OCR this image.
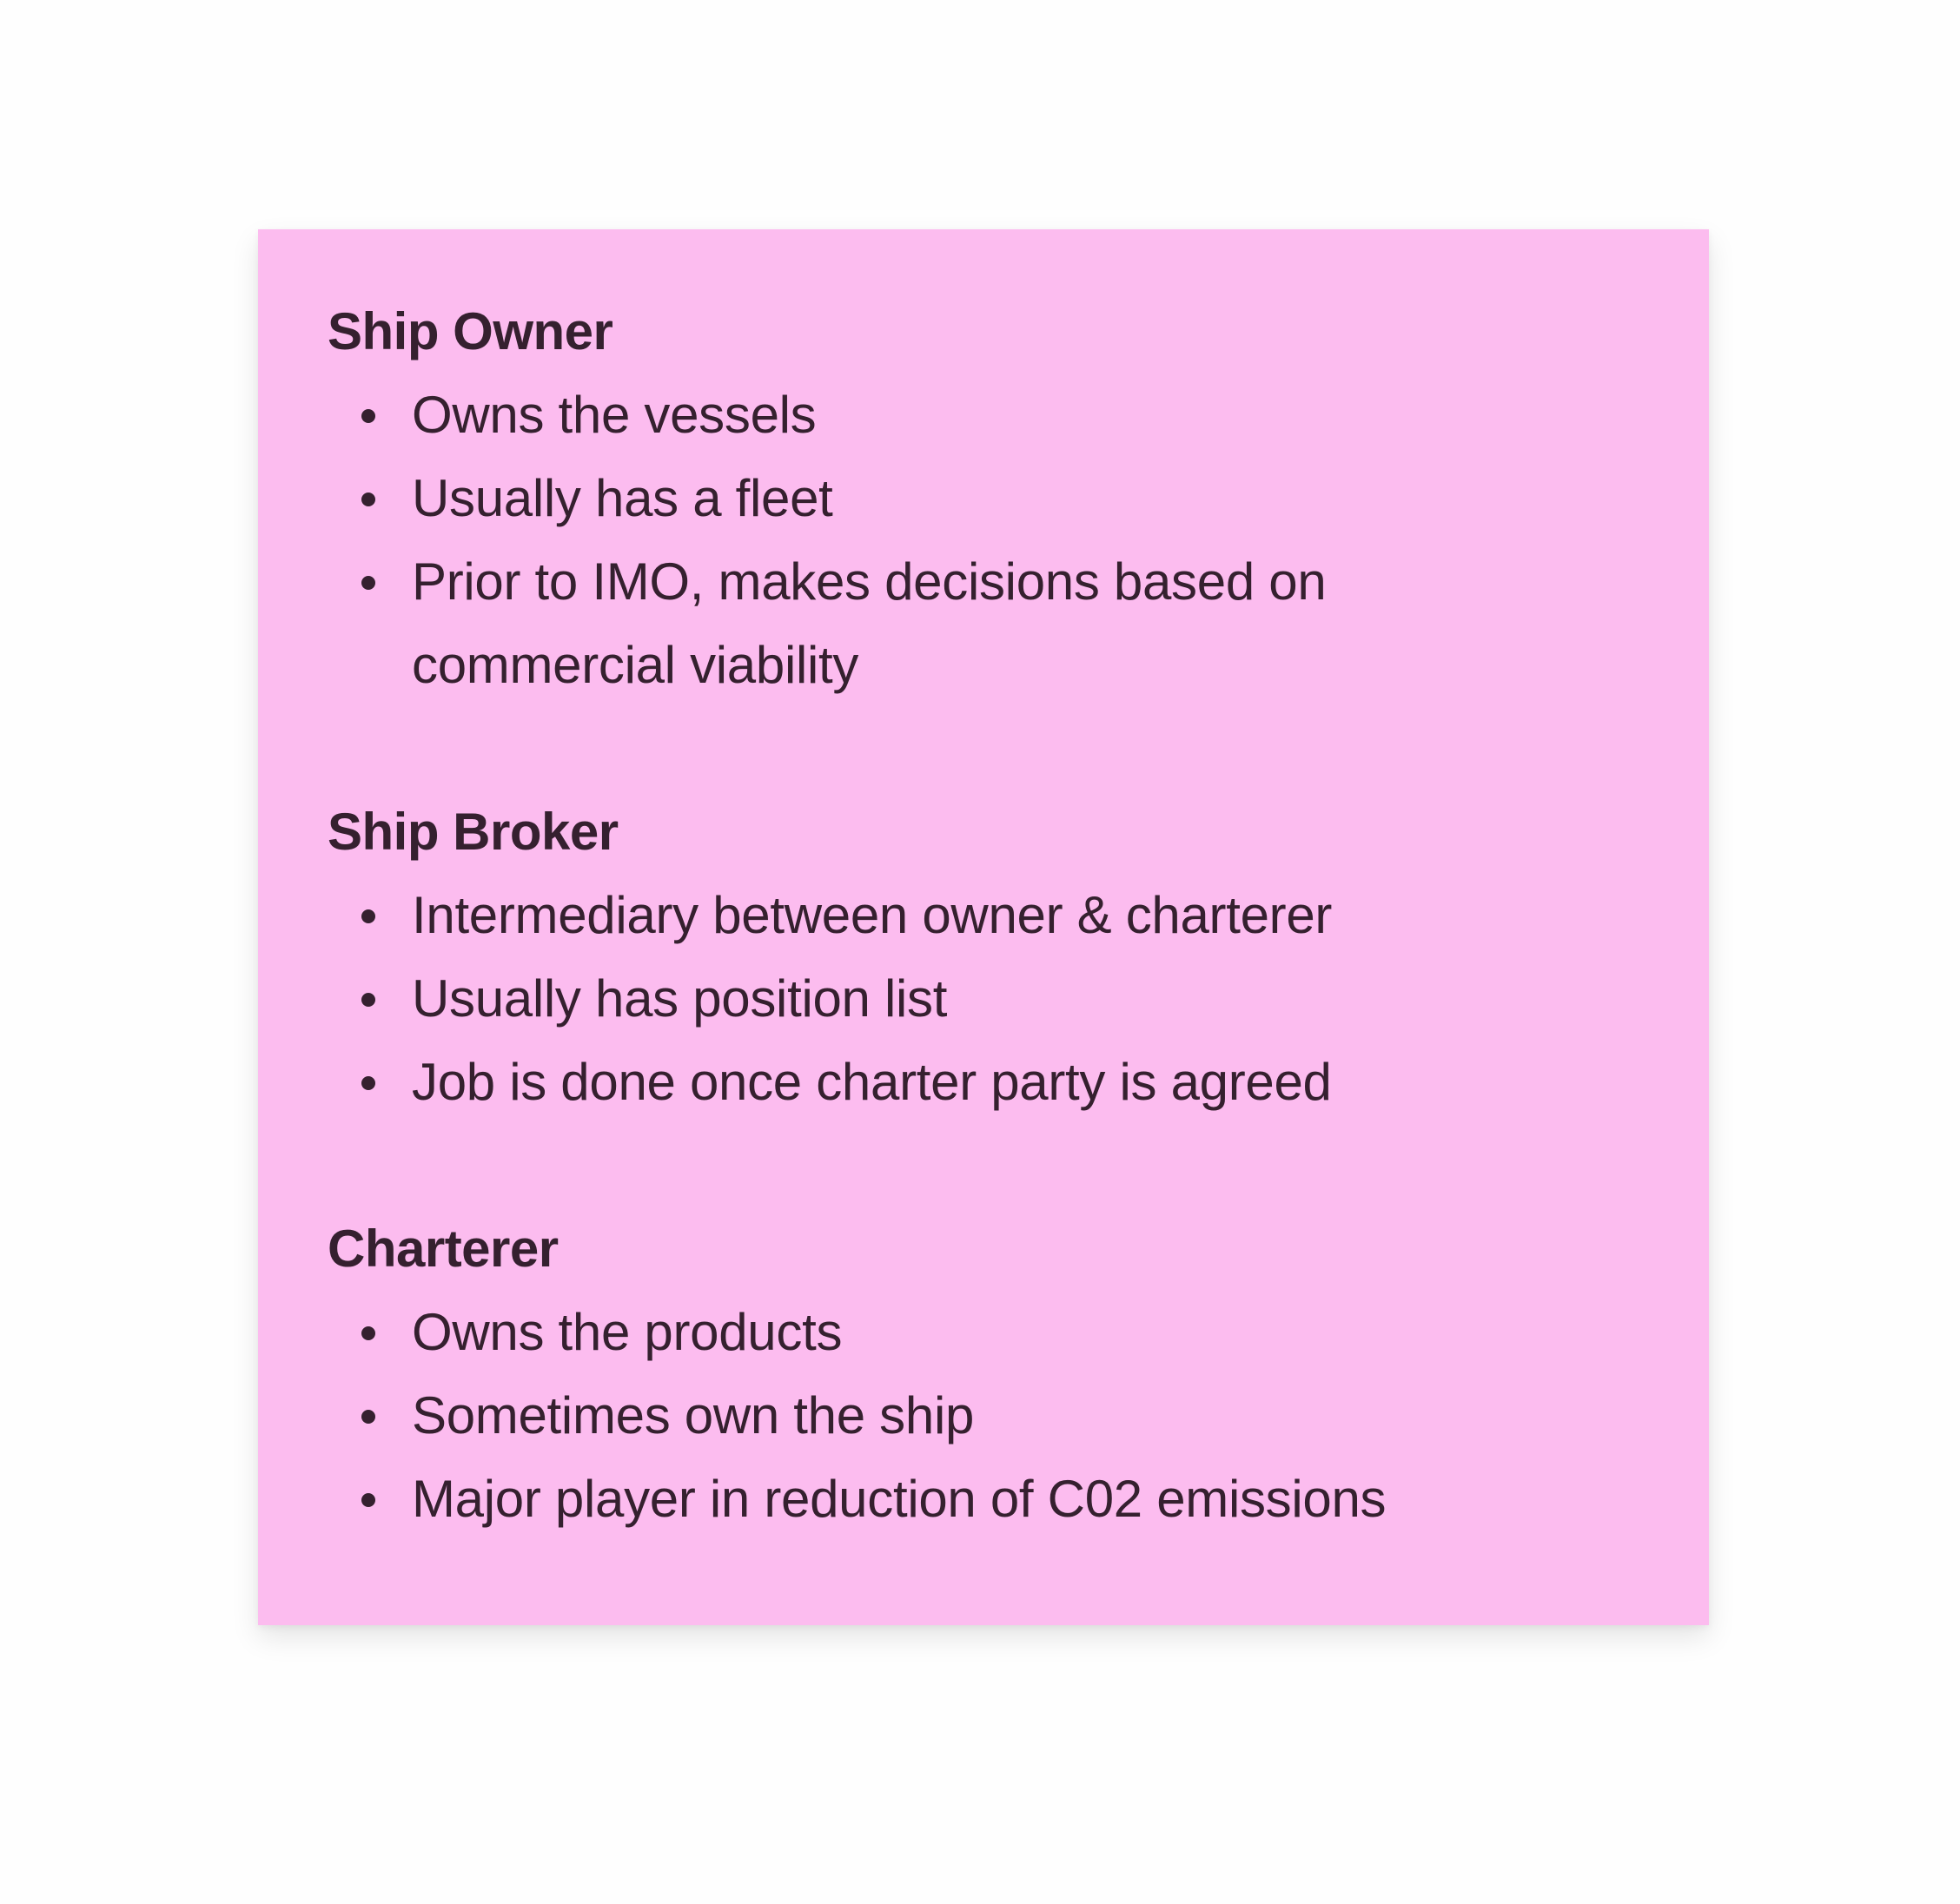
Ship Owner
Owns the vessels
Usually has a fleet
Prior to IMO, makes decisions based on commercial viability
Ship Broker
Intermediary between owner & charterer
Usually has position list
Job is done once charter party is agreed
Charterer
Owns the products
Sometimes own the ship
Major player in reduction of C02 emissions
